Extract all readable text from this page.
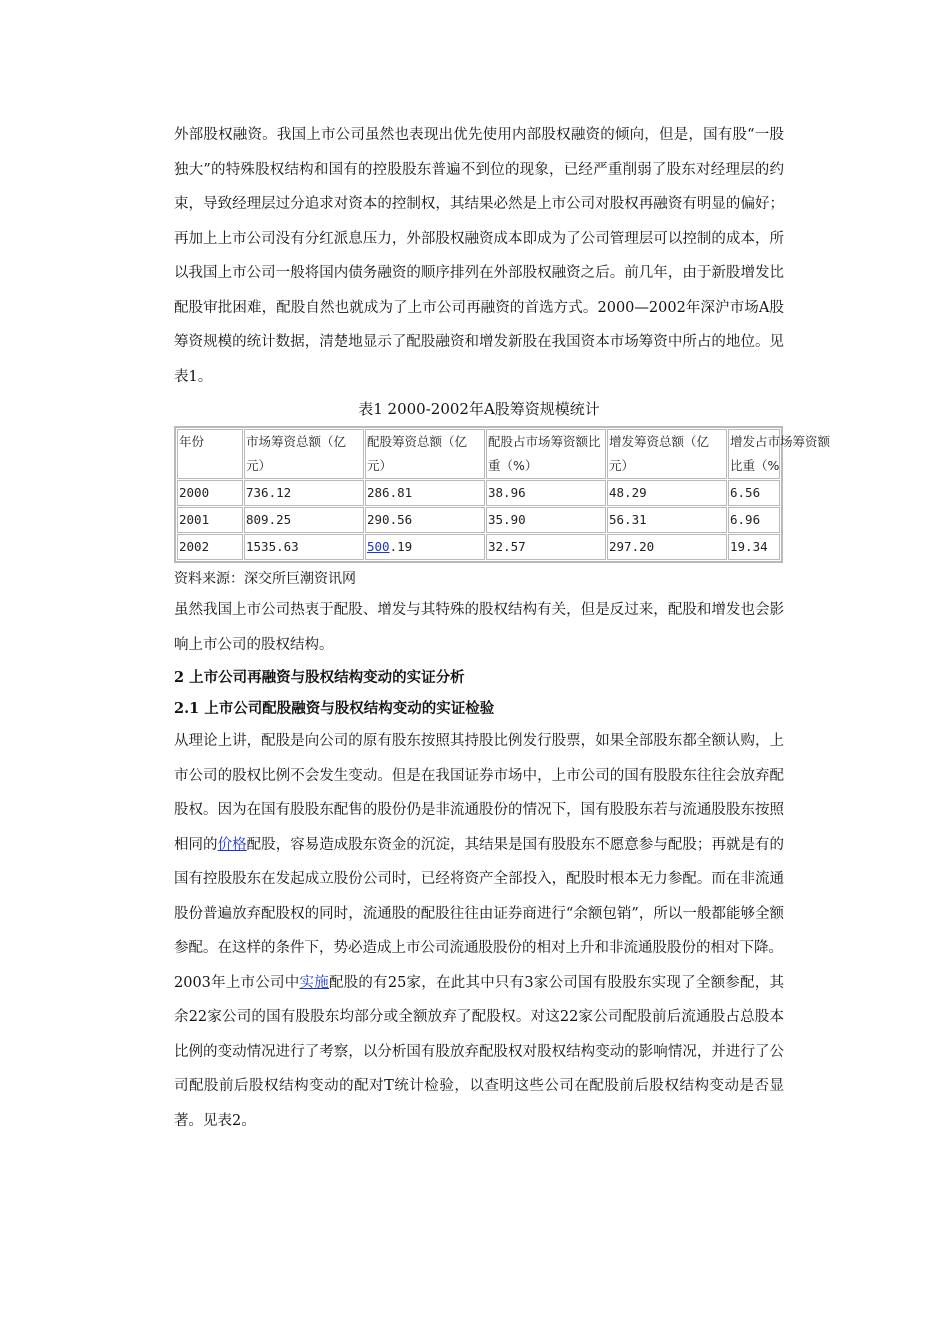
外部股权融资。我国上市公司虽然也表现出优先使用内部股权融资的倾向，但是，国有股“一股独大”的特殊股权结构和国有的控股股东普遍不到位的现象，已经严重削弱了股东对经理层的约束，导致经理层过分追求对资本的控制权，其结果必然是上市公司对股权再融资有明显的偏好；再加上上市公司没有分红派息压力，外部股权融资成本即成为了公司管理层可以控制的成本，所以我国上市公司一般将国内债务融资的顺序排列在外部股权融资之后。前几年，由于新股增发比配股审批困难，配股自然也就成为了上市公司再融资的首选方式。2000—2002年深沪市场A股筹资规模的统计数据，清楚地显示了配股融资和增发新股在我国资本市场筹资中所占的地位。见表1。

表1 2000-2002年A股筹资规模统计

年份	市场筹资总额（亿元）	配股筹资总额（亿元）	配股占市场筹资额比重（%）	增发筹资总额（亿元）	增发占市场筹资额比重（%

2000	736.12	286.81	38.96	48.29	6.56
2001	809.25	290.56	35.90	56.31	6.96
2002	1535.63	500.19	32.57	297.20	19.34

资料来源：深交所巨潮资讯网

虽然我国上市公司热衷于配股、增发与其特殊的股权结构有关，但是反过来，配股和增发也会影响上市公司的股权结构。

2 上市公司再融资与股权结构变动的实证分析

2.1 上市公司配股融资与股权结构变动的实证检验

从理论上讲，配股是向公司的原有股东按照其持股比例发行股票，如果全部股东都全额认购，上市公司的股权比例不会发生变动。但是在我国证券市场中，上市公司的国有股股东往往会放弃配股权。因为在国有股股东配售的股份仍是非流通股份的情况下，国有股股东若与流通股股东按照相同的价格配股，容易造成股东资金的沉淀，其结果是国有股股东不愿意参与配股；再就是有的国有控股股东在发起成立股份公司时，已经将资产全部投入，配股时根本无力参配。而在非流通股份普遍放弃配股权的同时，流通股的配股往往由证券商进行“余额包销”，所以一般都能够全额参配。在这样的条件下，势必造成上市公司流通股股份的相对上升和非流通股股份的相对下降。

2003年上市公司中实施配股的有25家，在此其中只有3家公司国有股股东实现了全额参配，其余22家公司的国有股股东均部分或全额放弃了配股权。对这22家公司配股前后流通股占总股本比例的变动情况进行了考察，以分析国有股放弃配股权对股权结构变动的影响情况，并进行了公司配股前后股权结构变动的配对T统计检验，以查明这些公司在配股前后股权结构变动是否显著。见表2。
